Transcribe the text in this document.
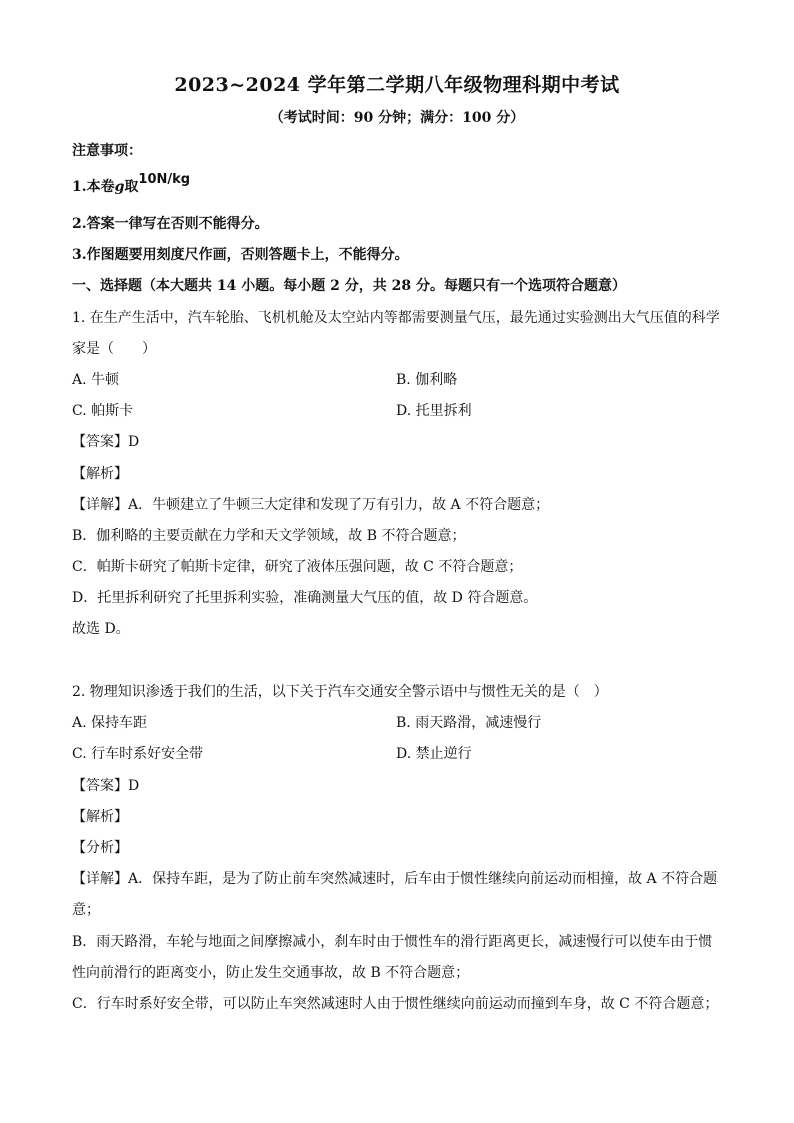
2023~2024 学年第二学期八年级物理科期中考试
（考试时间：90 分钟；满分：100 分）
注意事项：
1.本卷g取10N/kg
2.答案一律写在否则不能得分。
3.作图题要用刻度尺作画，否则答题卡上，不能得分。
一、选择题（本大题共 14 小题。每小题 2 分，共 28 分。每题只有一个选项符合题意）
1. 在生产生活中，汽车轮胎、飞机机舱及太空站内等都需要测量气压，最先通过实验测出大气压值的科学
家是（　　）
A. 牛顿	B. 伽利略
C. 帕斯卡	D. 托里拆利
【答案】D
【解析】
【详解】A．牛顿建立了牛顿三大定律和发现了万有引力，故 A 不符合题意；
B．伽利略的主要贡献在力学和天文学领域，故 B 不符合题意；
C．帕斯卡研究了帕斯卡定律，研究了液体压强问题，故 C 不符合题意；
D．托里拆利研究了托里拆利实验，准确测量大气压的值，故 D 符合题意。
故选 D。
2. 物理知识渗透于我们的生活，以下关于汽车交通安全警示语中与惯性无关的是（　）
A. 保持车距	B. 雨天路滑，减速慢行
C. 行车时系好安全带	D. 禁止逆行
【答案】D
【解析】
【分析】
【详解】A．保持车距，是为了防止前车突然减速时，后车由于惯性继续向前运动而相撞，故 A 不符合题
意；
B．雨天路滑，车轮与地面之间摩擦减小，刹车时由于惯性车的滑行距离更长，减速慢行可以使车由于惯
性向前滑行的距离变小，防止发生交通事故，故 B 不符合题意；
C．行车时系好安全带，可以防止车突然减速时人由于惯性继续向前运动而撞到车身，故 C 不符合题意；
